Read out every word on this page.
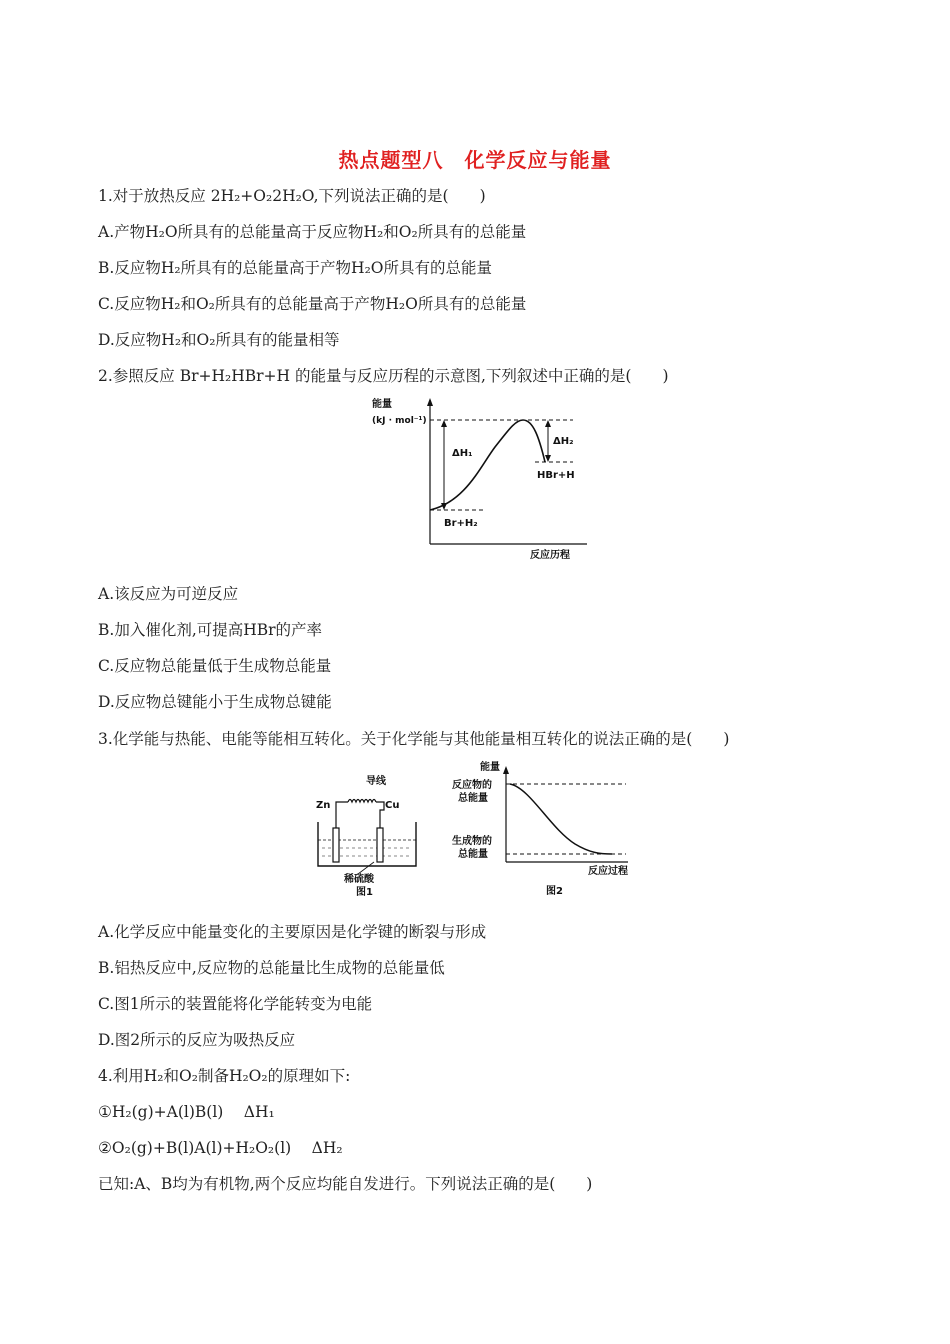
热点题型八　化学反应与能量
1.对于放热反应 2H₂+O₂2H₂O,下列说法正确的是(　　)
A.产物H₂O所具有的总能量高于反应物H₂和O₂所具有的总能量
B.反应物H₂所具有的总能量高于产物H₂O所具有的总能量
C.反应物H₂和O₂所具有的总能量高于产物H₂O所具有的总能量
D.反应物H₂和O₂所具有的能量相等
2.参照反应 Br+H₂HBr+H 的能量与反应历程的示意图,下列叙述中正确的是(　　)
能量
(kJ · mol⁻¹)
反应历程
ΔH₁
ΔH₂
HBr+H
Br+H₂
A.该反应为可逆反应
B.加入催化剂,可提高HBr的产率
C.反应物总能量低于生成物总能量
D.反应物总键能小于生成物总键能
3.化学能与热能、电能等能相互转化。关于化学能与其他能量相互转化的说法正确的是(　　)
导线
Zn	Cu
稀硫酸
图1
能量
反应物的
总能量
生成物的
总能量
反应过程
图2
A.化学反应中能量变化的主要原因是化学键的断裂与形成
B.铝热反应中,反应物的总能量比生成物的总能量低
C.图1所示的装置能将化学能转变为电能
D.图2所示的反应为吸热反应
4.利用H₂和O₂制备H₂O₂的原理如下:
①H₂(g)+A(l)B(l)　 ΔH₁
②O₂(g)+B(l)A(l)+H₂O₂(l)　 ΔH₂
已知:A、B均为有机物,两个反应均能自发进行。下列说法正确的是(　　)
